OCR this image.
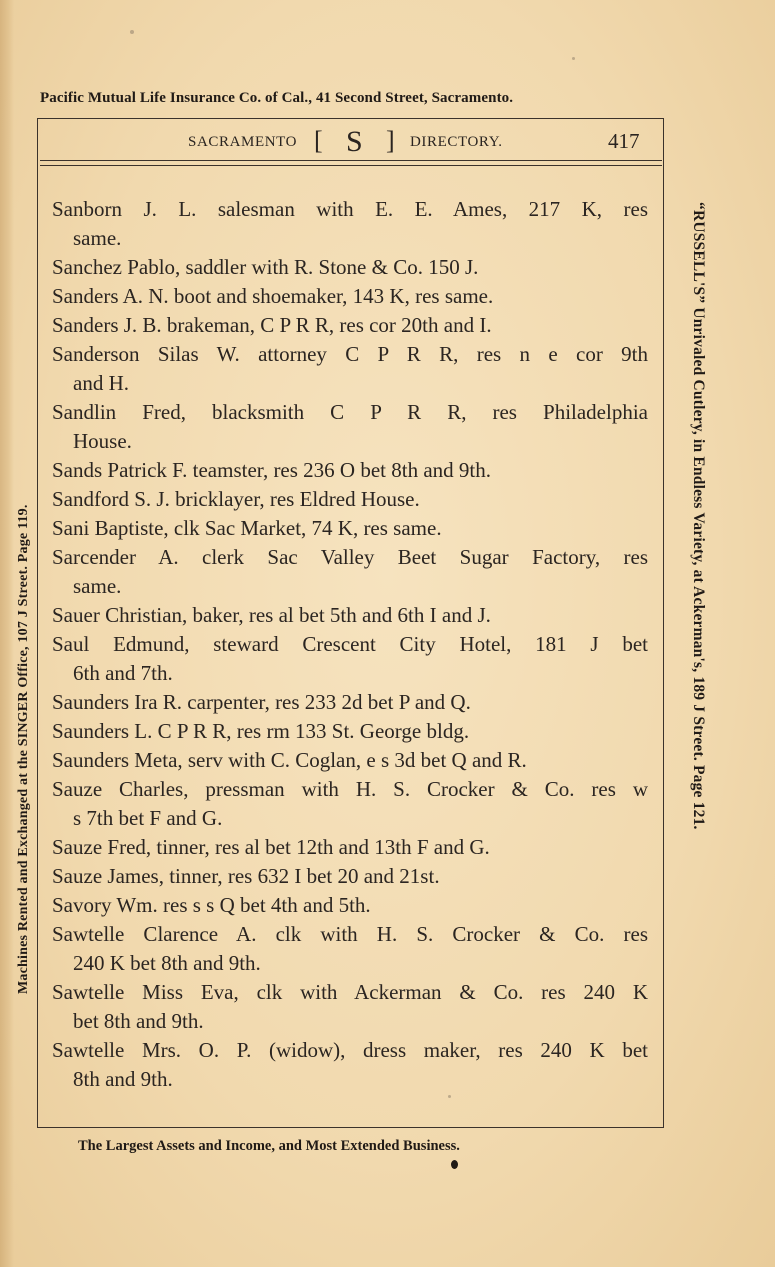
Pacific Mutual Life Insurance Co. of Cal., 41 Second Street, Sacramento.
Machines Rented and Exchanged at the SINGER Office, 107 J Street. Page 119.	“RUSSELL'S” Unrivaled Cutlery, in Endless Variety, at Ackerman's, 189 J Street. Page 121.
SACRAMENTO [ S ] DIRECTORY.	417
Sanborn J. L. salesman with E. E. Ames, 217 K, res
same.
Sanchez Pablo, saddler with R. Stone & Co. 150 J.
Sanders A. N. boot and shoemaker, 143 K, res same.
Sanders J. B. brakeman, C P R R, res cor 20th and I.
Sanderson Silas W. attorney C P R R, res n e cor 9th
and H.
Sandlin Fred, blacksmith C P R R, res Philadelphia
House.
Sands Patrick F. teamster, res 236 O bet 8th and 9th.
Sandford S. J. bricklayer, res Eldred House.
Sani Baptiste, clk Sac Market, 74 K, res same.
Sarcender A. clerk Sac Valley Beet Sugar Factory, res
same.
Sauer Christian, baker, res al bet 5th and 6th I and J.
Saul Edmund, steward Crescent City Hotel, 181 J bet
6th and 7th.
Saunders Ira R. carpenter, res 233 2d bet P and Q.
Saunders L. C P R R, res rm 133 St. George bldg.
Saunders Meta, serv with C. Coglan, e s 3d bet Q and R.
Sauze Charles, pressman with H. S. Crocker & Co. res w
s 7th bet F and G.
Sauze Fred, tinner, res al bet 12th and 13th F and G.
Sauze James, tinner, res 632 I bet 20 and 21st.
Savory Wm. res s s Q bet 4th and 5th.
Sawtelle Clarence A. clk with H. S. Crocker & Co. res
240 K bet 8th and 9th.
Sawtelle Miss Eva, clk with Ackerman & Co. res 240 K
bet 8th and 9th.
Sawtelle Mrs. O. P. (widow), dress maker, res 240 K bet
8th and 9th.
The Largest Assets and Income, and Most Extended Business.
